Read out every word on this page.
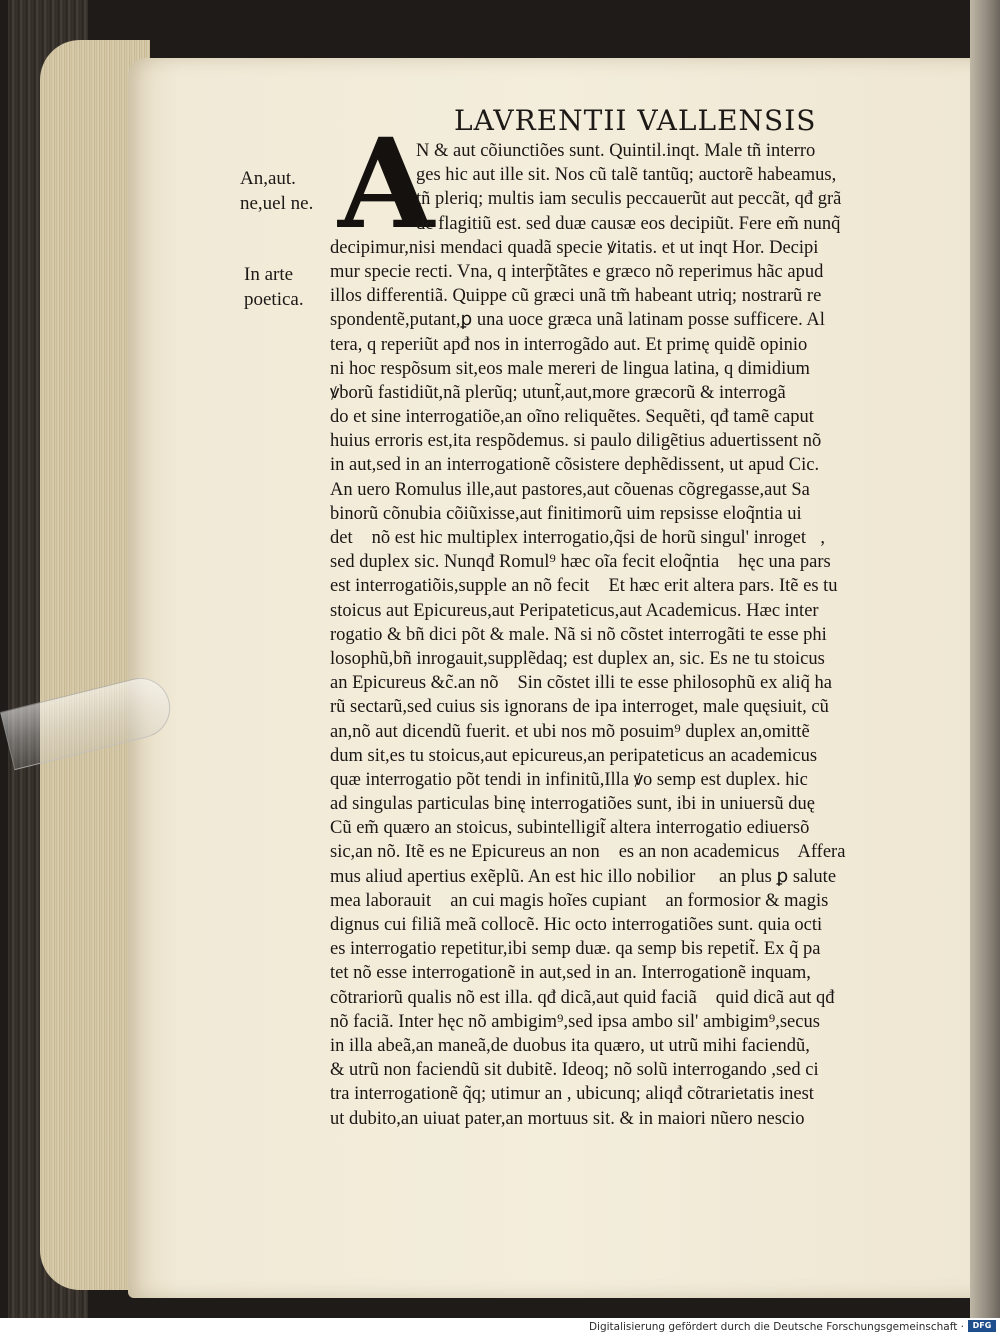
LAVRENTII VALLENSIS
A
An,aut. ne,uel ne.
In arte poetica.
N & aut cõiunctiões sunt. Quintil.inqt. Male tñ interro
ges hic aut ille sit. Nos cũ talẽ tantũq; auctorẽ habeamus,
tñ pleriq; multis iam seculis peccauerũt aut peccãt, qđ grã
de flagitiũ est. sed duæ causæ eos decipiũt. Fere em̃ nunq̃
decipimur,nisi mendaci quadã specie ꝟitatis. et ut inqt Hor. Decipi
mur specie recti. Vna, q interp̃tãtes e græco nõ reperimus hãc apud
illos differentiã. Quippe cũ græci unã tm̃ habeant utriq; nostrarũ re
spondentẽ,putant,ꝑ una uoce græca unã latinam posse sufficere. Al
tera, q reperiũt apđ nos in interrogãdo aut. Et primę quidẽ opinio
ni hoc respõsum sit,eos male mereri de lingua latina, q dimidium
ꝟborũ fastidiũt,nã plerũq; utunt̃,aut,more græcorũ & interrogã
do et sine interrogatiõe,an oĩno reliquẽtes. Sequẽti, qđ tamẽ caput
huius erroris est,ita respõdemus. si paulo diligẽtius aduertissent nõ
in aut,sed in an interrogationẽ cõsistere dephẽdissent, ut apud Cic.
An uero Romulus ille,aut pastores,aut cõuenas cõgregasse,aut Sa
binorũ cõnubia cõiũxisse,aut finitimorũ uim repsisse eloq̃ntia ui
detᷓ nõ est hic multiplex interrogatio,q̃si de horũ singul' inrogetᷓ,
sed duplex sic. Nunqđ Romul⁹ hæc oĩa fecit eloq̃ntiaᷓ hęc una pars
est interrogatiõis,supple an nõ fecitᷓ Et hæc erit altera pars. Itẽ es tu
stoicus aut Epicureus,aut Peripateticus,aut Academicus. Hæc inter
rogatio & bñ dici põt & male. Nã si nõ cõstet interrogãti te esse phi
losophũ,bñ inrogauit,supplẽdaq; est duplex an, sic. Es ne tu stoicus
an Epicureus &c̃.an nõᷓ Sin cõstet illi te esse philosophũ ex aliq̃ ha
rũ sectarũ,sed cuius sis ignorans de ipa interroget, male quęsiuit, cũ
an,nõ aut dicendũ fuerit. et ubi nos mõ posuim⁹ duplex an,omittẽ
dum sit,es tu stoicus,aut epicureus,an peripateticus an academicus
quæ interrogatio põt tendi in infinitũ,Illa ꝟo semp est duplex. hic
ad singulas particulas binę interrogatiões sunt, ibi in uniuersũ duę
Cũ em̃ quæro an stoicus, subintelligit̃ altera interrogatio ediuersõ
sic,an nõ. Itẽ es ne Epicureus an nonᷓ es an non academicusᷓ Affera
mus aliud apertius exẽplũ. An est hic illo nobilior ᷓ an plus ꝑ salute
mea laborauitᷓ an cui magis hoĩes cupiantᷓ an formosior & magis
dignus cui filiã meã collocẽ. Hic octo interrogatiões sunt. quia octi
es interrogatio repetitur,ibi semp duæ. qa semp bis repetit̃. Ex q̃ pa
tet nõ esse interrogationẽ in aut,sed in an. Interrogationẽ inquam,
cõtrariorũ qualis nõ est illa. qđ dicã,aut quid faciãᷓ quid dicã aut qđ
nõ faciã. Inter hęc nõ ambigim⁹,sed ipsa ambo sil' ambigim⁹,secus
in illa abeã,an maneã,de duobus ita quæro, ut utrũ mihi faciendũ,
& utrũ non faciendũ sit dubitẽ. Ideoq; nõ solũ interrogando ,sed ci
tra interrogationẽ q̃q; utimur an , ubicunq; aliqđ cõtrarietatis inest
ut dubito,an uiuat pater,an mortuus sit. & in maiori nũero nescio
Digitalisierung gefördert durch die Deutsche Forschungsgemeinschaft ·	DFG
